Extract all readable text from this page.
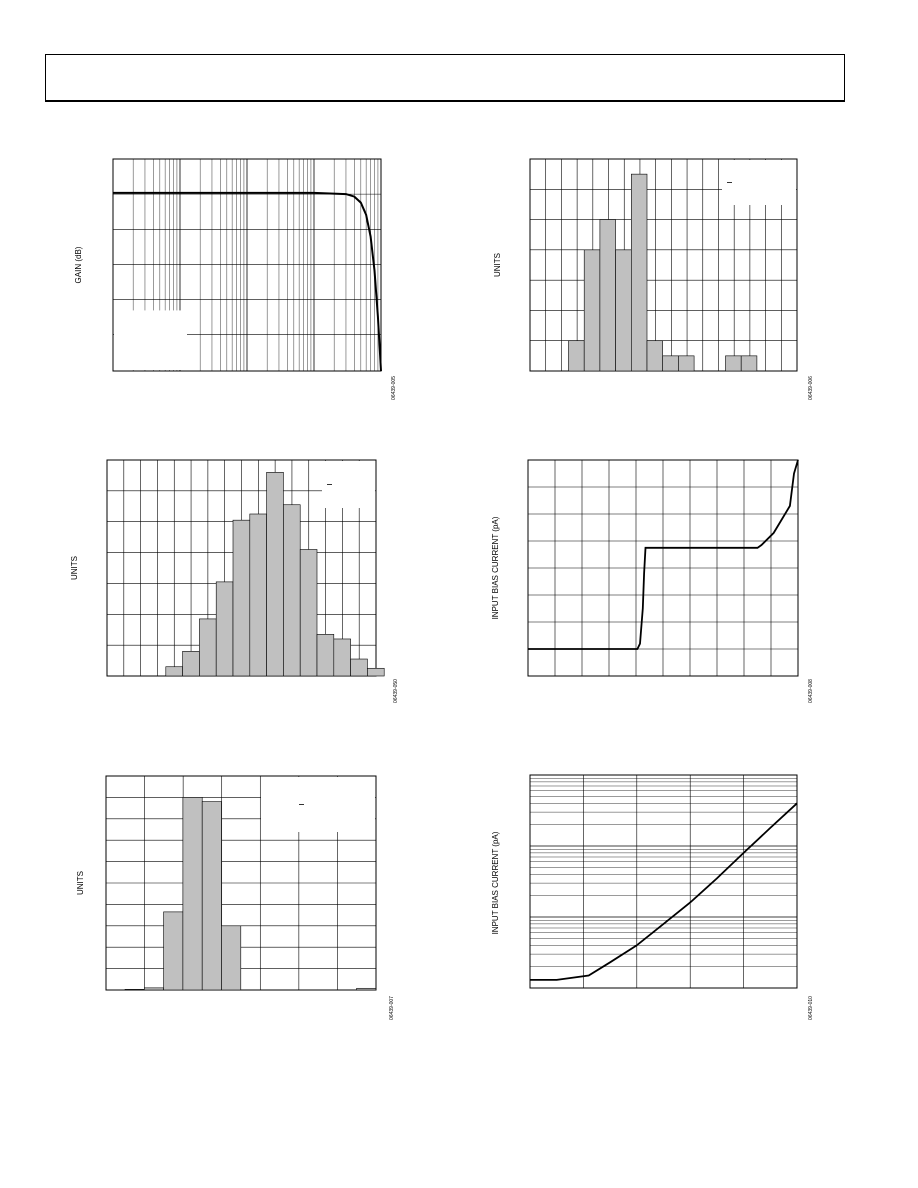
GAIN (dB)
06439-005
UNITS
06439-006
UNITS
06439-050
INPUT BIAS CURRENT (pA)
06439-008
UNITS
06439-007
INPUT BIAS CURRENT (pA)
06439-010
